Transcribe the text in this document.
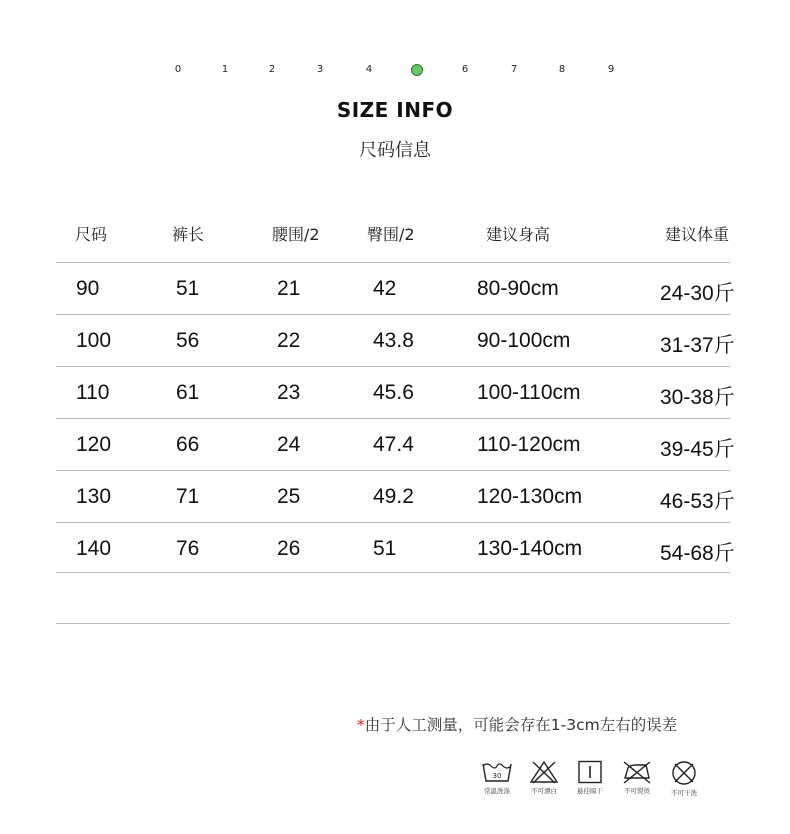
0	1	2	3	4	6	7	8	9
SIZE INFO
尺码信息
尺码	裤长	腰围/2	臀围/2	建议身高	建议体重
90	51	21	42	80-90cm	24-30斤
100	56	22	43.8	90-100cm	31-37斤
110	61	23	45.6	100-110cm	30-38斤
120	66	24	47.4	110-120cm	39-45斤
130	71	25	49.2	120-130cm	46-53斤
140	76	26	51	130-140cm	54-68斤
*由于人工测量，可能会存在1-3cm左右的误差
30
常温洗涤	不可漂白	悬挂晾干	不可熨烫	不可干洗
